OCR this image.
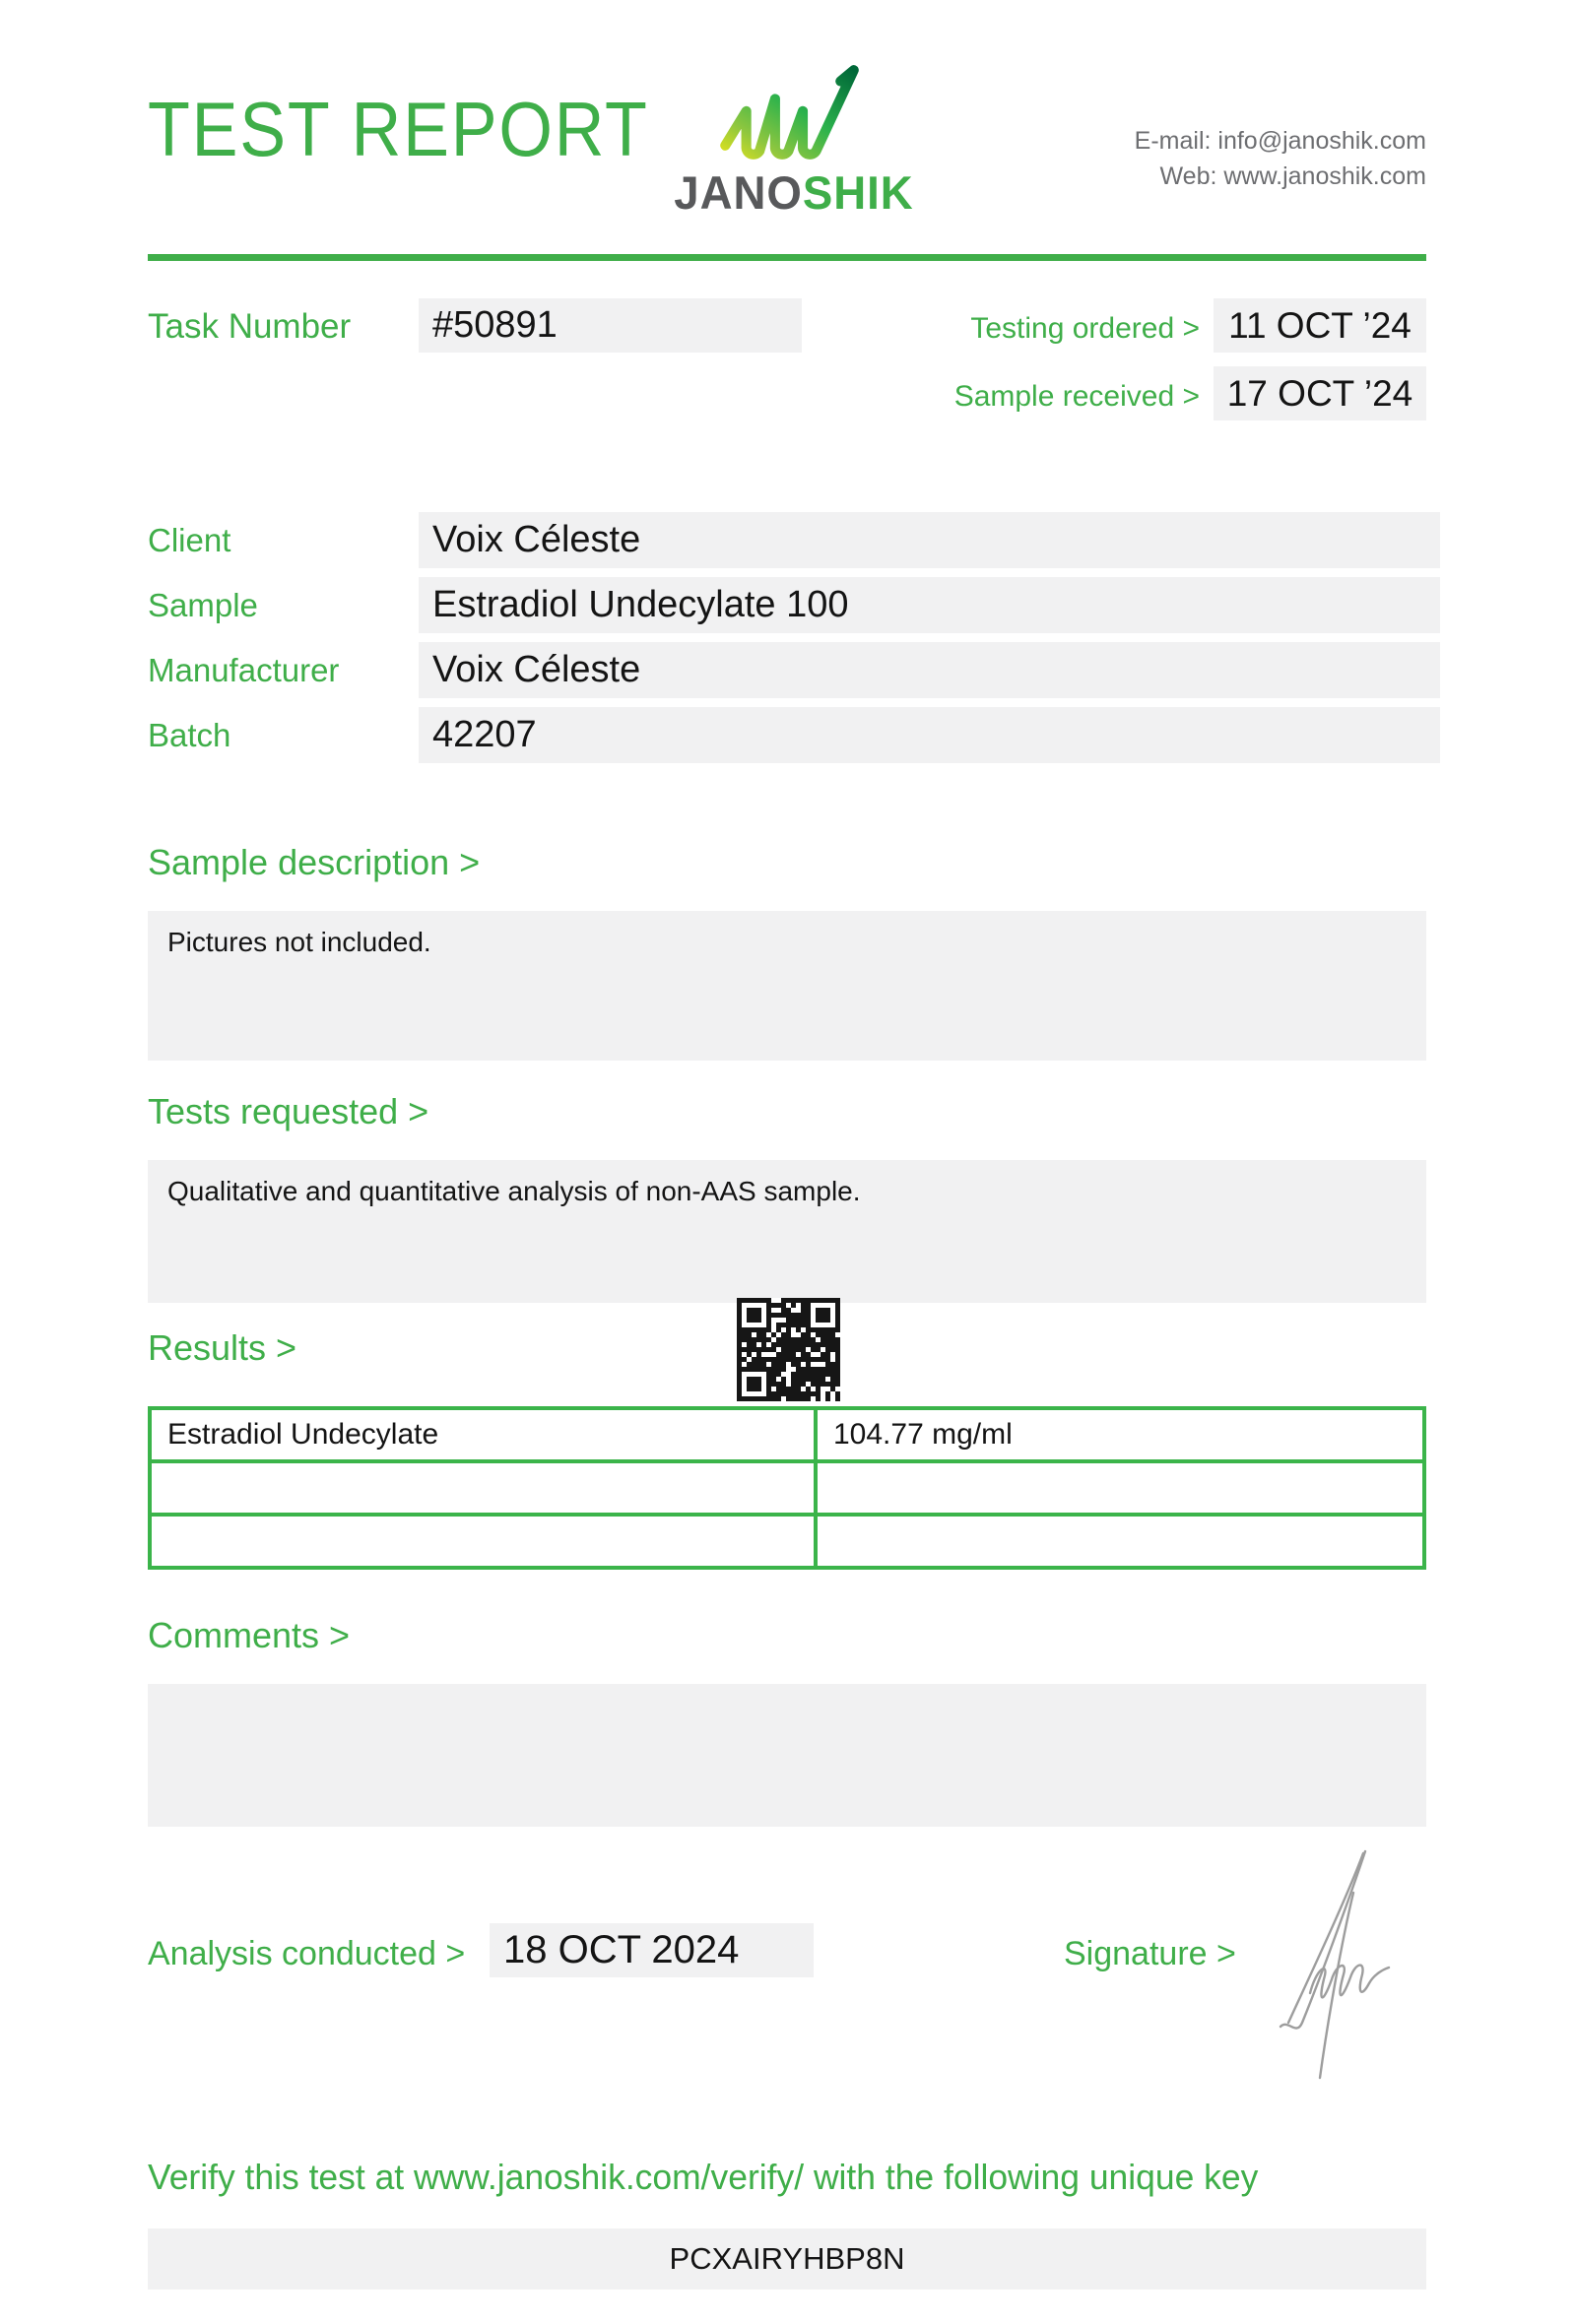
TEST REPORT
JANOSHIK
E-mail: info@janoshik.com
Web: www.janoshik.com
Task Number	#50891	Testing ordered > 11 OCT ’24
Sample received > 17 OCT ’24
Client	Voix Céleste
Sample	Estradiol Undecylate 100
Manufacturer	Voix Céleste
Batch	42207
Sample description >
Pictures not included.
Tests requested >
Qualitative and quantitative analysis of non-AAS sample.
Results >
Estradiol Undecylate	104.77 mg/ml

Comments >
Analysis conducted > 18 OCT 2024	Signature >
Verify this test at www.janoshik.com/verify/ with the following unique key
PCXAIRYHBP8N
